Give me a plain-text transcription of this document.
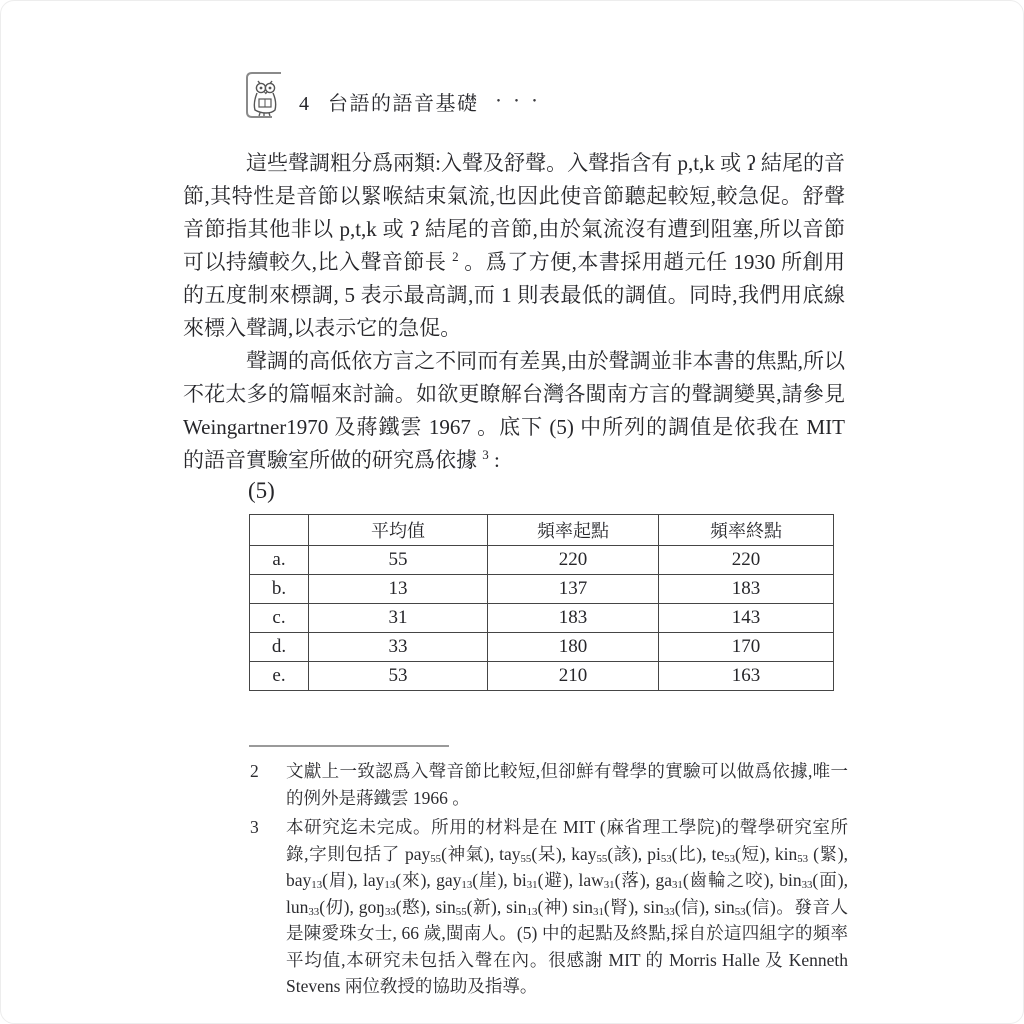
4 台語的語音基礎 ・・・

這些聲調粗分爲兩類:入聲及舒聲。入聲指含有 p,t,k 或 ʔ 結尾的音節,其特性是音節以緊喉結束氣流,也因此使音節聽起較短,較急促。舒聲音節指其他非以 p,t,k 或 ʔ 結尾的音節,由於氣流沒有遭到阻塞,所以音節可以持續較久,比入聲音節長 $^2$ 。爲了方便,本書採用趙元任 1930 所創用的五度制來標調, 5 表示最高調,而 1 則表最低的調值。同時,我們用底線來標入聲調,以表示它的急促。

聲調的高低依方言之不同而有差異,由於聲調並非本書的焦點,所以不花太多的篇幅來討論。如欲更瞭解台灣各閩南方言的聲調變異,請參見 Weingartner1970 及蔣鐵雲 1967 。底下 (5) 中所列的調值是依我在 MIT 的語音實驗室所做的研究爲依據 $^3$ :

(5)
	平均值	頻率起點	頻率終點
a.	55	220	220
b.	13	137	183
c.	31	183	143
d.	33	180	170
e.	53	210	163
2 文獻上一致認爲入聲音節比較短,但卻鮮有聲學的實驗可以做爲依據,唯一的例外是蔣鐵雲 1966 。
3 本研究迄未完成。所用的材料是在 MIT (麻省理工學院)的聲學研究室所錄,字則包括了 pay$_{55}$(神氣), tay$_{55}$(呆), kay$_{55}$(該), $pi_{53}$(比), $te_{53}$(短), kin$_{53}$ (緊), bay$_{13}$(眉), lay$_{13}$(來), gay$_{13}$(崖), $bi_{31}$(避), law$_{31}$(落), $ga_{31}$(齒輪之咬), bin$_{33}$(面), lun$_{33}$(仞), goŋ$_{33}$(憨), $\sin_{55}$(新), $\sin_{13}$(神) $\sin_{31}$(腎), $\sin_{33}$(信), $\sin_{53}$(信)。發音人是陳愛珠女士, 66 歲,閩南人。(5) 中的起點及終點,採自於這四組字的頻率平均值,本研究未包括入聲在內。很感謝 MIT 的 Morris Halle 及 Kenneth Stevens 兩位敎授的協助及指導。
